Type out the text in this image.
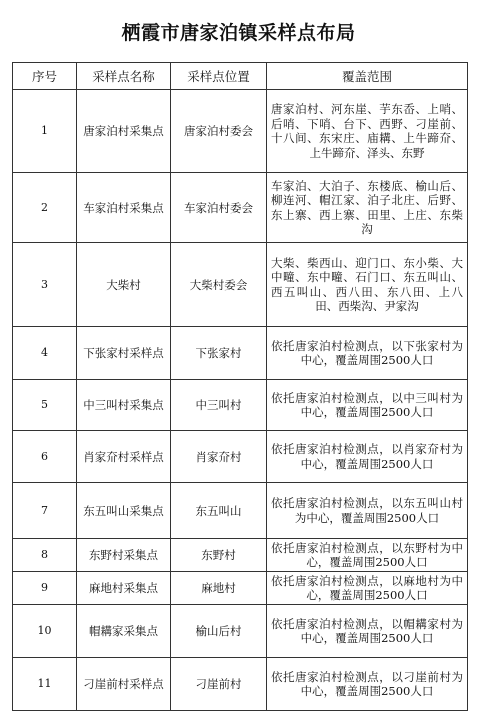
栖霞市唐家泊镇采样点布局
序号	采样点名称	采样点位置	覆盖范围
1	唐家泊村采集点	唐家泊村委会	唐家泊村、河东崖、芋东岙、上哨、后哨、下哨、台下、西野、刁崖前、十八间、东宋庄、庙耩、上牛蹄夼、上牛蹄夼、泽头、东野
2	车家泊村采集点	车家泊村委会	车家泊、大泊子、东楼底、榆山后、柳连河、帽江家、泊子北庄、后野、东上寨、西上寨、田里、上庄、东柴沟
3	大柴村	大柴村委会	大柴、柴西山、迎门口、东小柴、大中疃、东中疃、石门口、东五叫山、西五叫山、西八田、东八田、上八田、西柴沟、尹家沟
4	下张家村采样点	下张家村	依托唐家泊村检测点，以下张家村为中心，覆盖周围2500人口
5	中三叫村采集点	中三叫村	依托唐家泊村检测点，以中三叫村为中心，覆盖周围2500人口
6	肖家夼村采样点	肖家夼村	依托唐家泊村检测点，以肖家夼村为中心，覆盖周围2500人口
7	东五叫山采集点	东五叫山	依托唐家泊村检测点，以东五叫山村为中心，覆盖周围2500人口
8	东野村采集点	东野村	依托唐家泊村检测点，以东野村为中心，覆盖周围2500人口
9	麻地村采集点	麻地村	依托唐家泊村检测点，以麻地村为中心，覆盖周围2500人口
10	帽耩家采集点	榆山后村	依托唐家泊村检测点，以帽耩家村为中心，覆盖周围2500人口
11	刁崖前村采样点	刁崖前村	依托唐家泊村检测点，以刁崖前村为中心，覆盖周围2500人口
